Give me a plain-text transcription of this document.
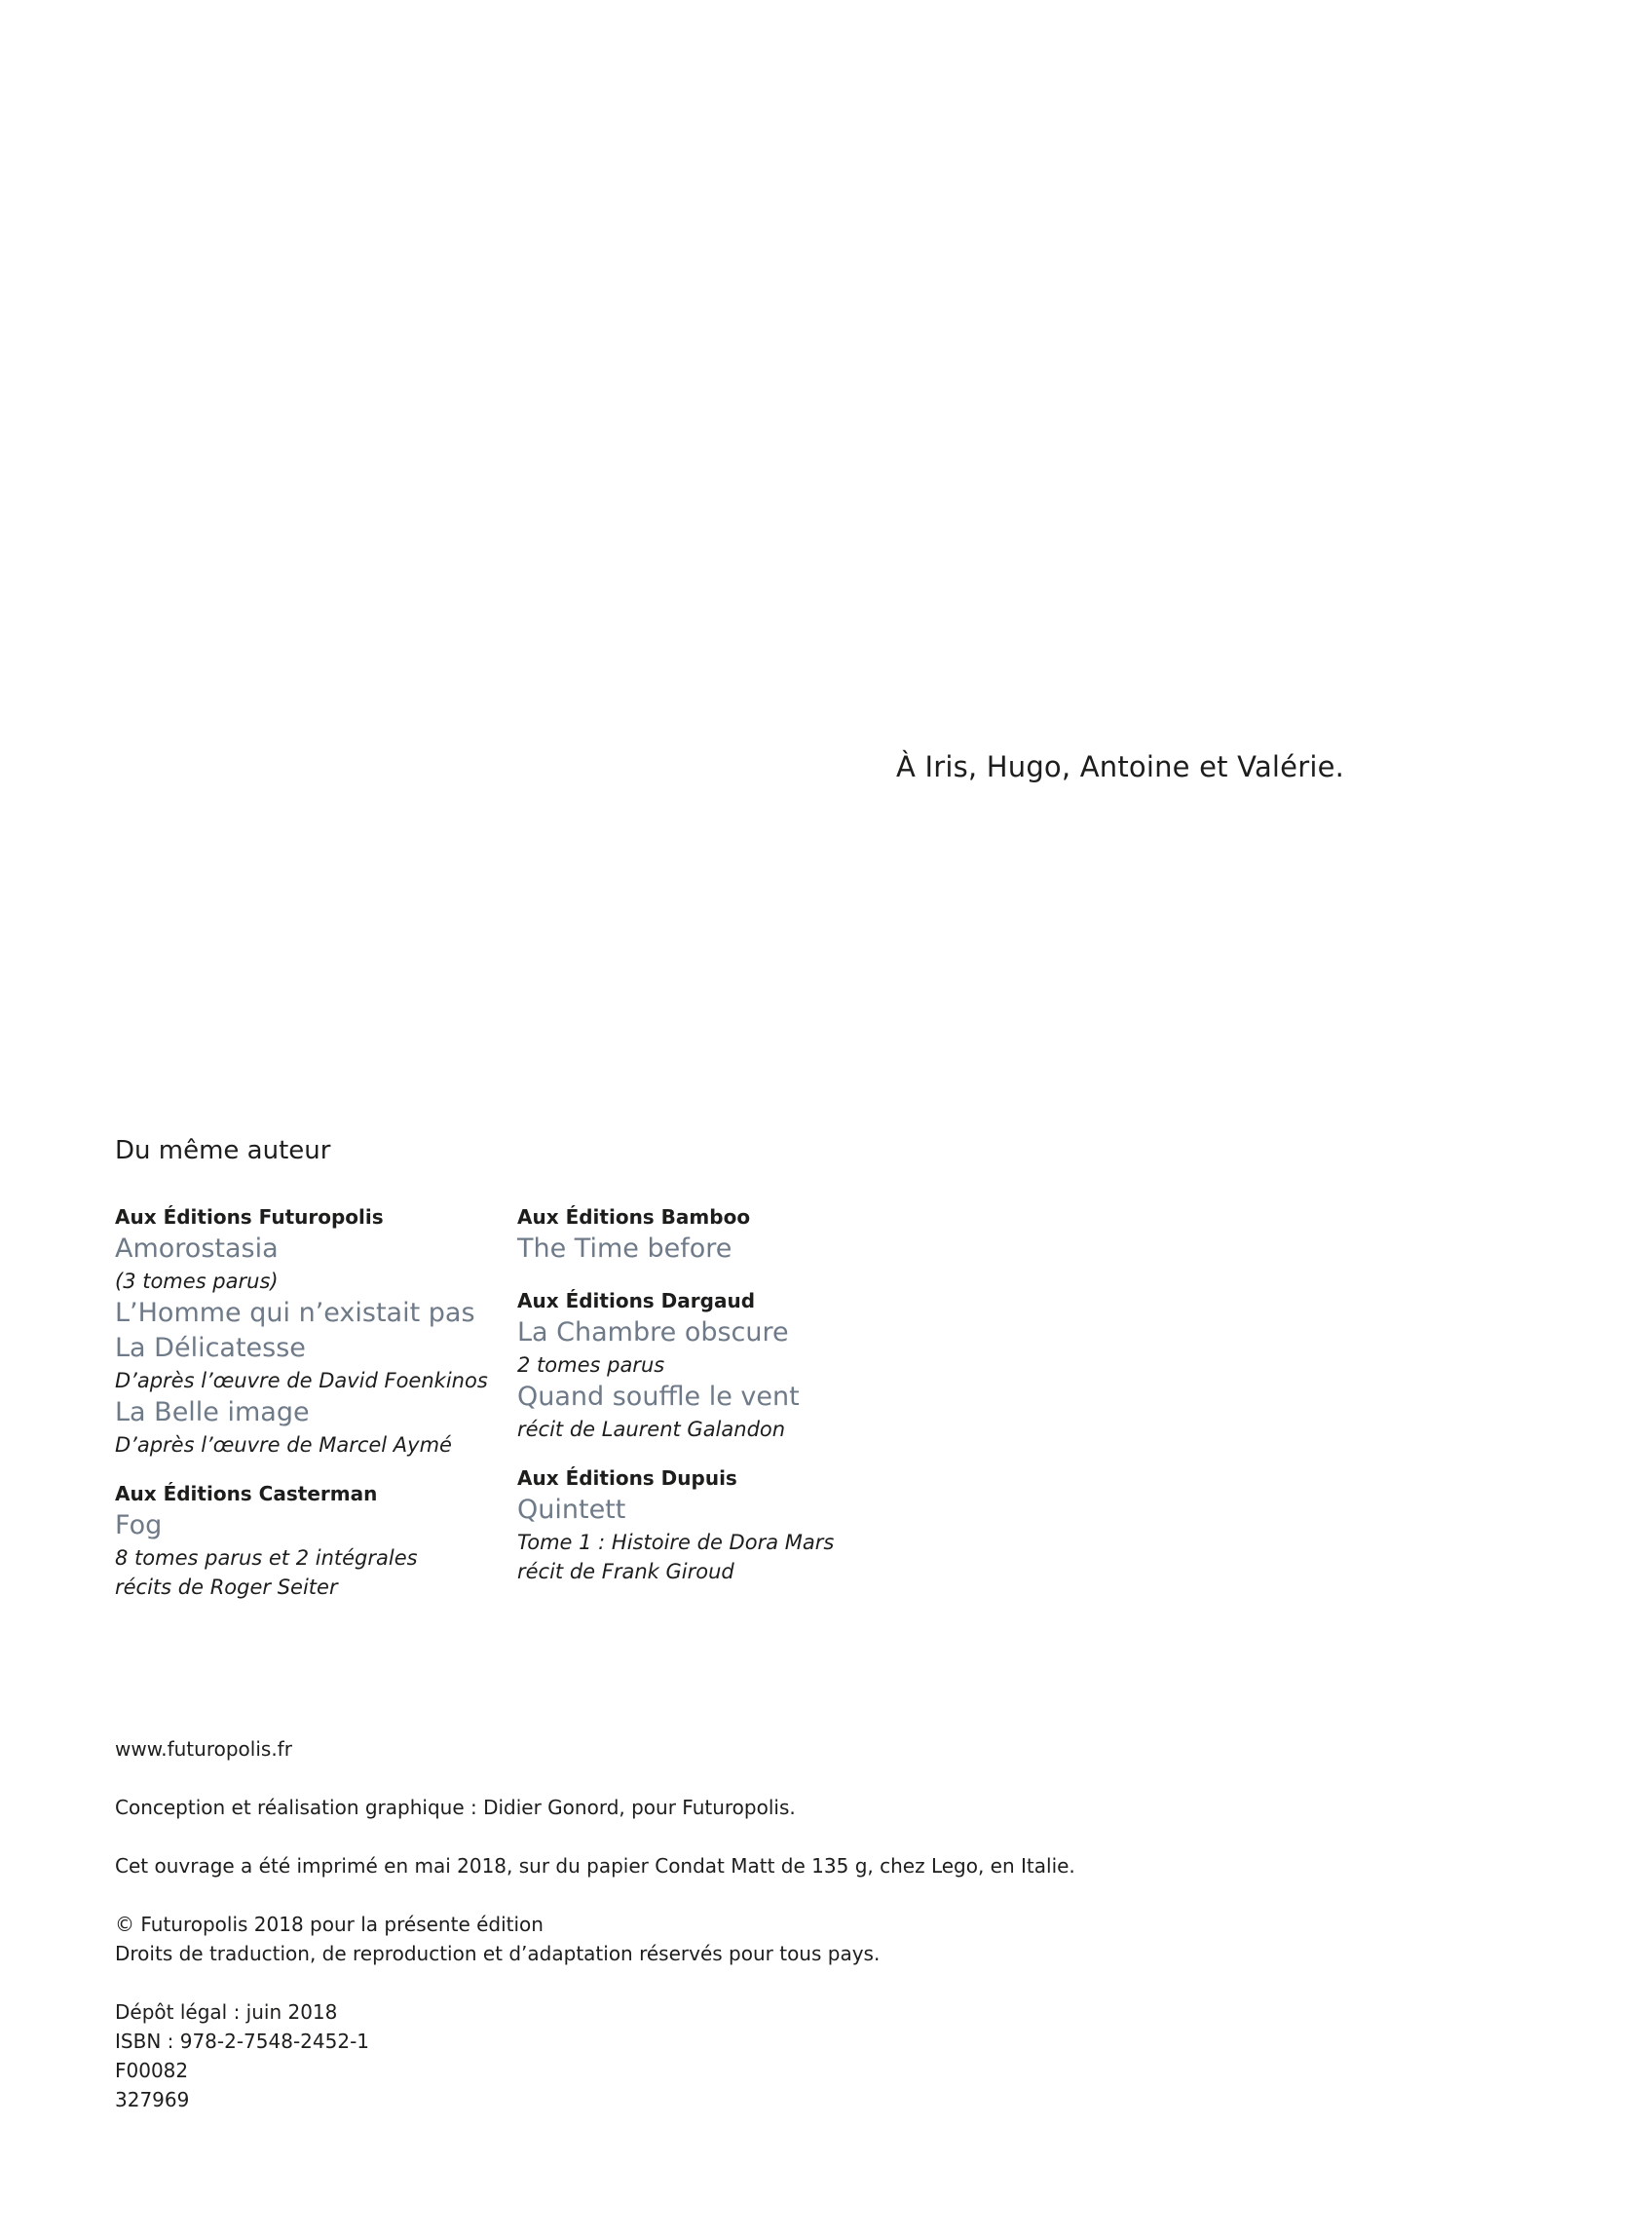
À Iris, Hugo, Antoine et Valérie.
Du même auteur
Aux Éditions Futuropolis
Amorostasia
(3 tomes parus)
L’Homme qui n’existait pas
La Délicatesse
D’après l’œuvre de David Foenkinos
La Belle image
D’après l’œuvre de Marcel Aymé
Aux Éditions Casterman
Fog
8 tomes parus et 2 intégrales
récits de Roger Seiter
Aux Éditions Bamboo
The Time before
Aux Éditions Dargaud
La Chambre obscure
2 tomes parus
Quand souffle le vent
récit de Laurent Galandon
Aux Éditions Dupuis
Quintett
Tome 1 : Histoire de Dora Mars
récit de Frank Giroud

www.futuropolis.fr

Conception et réalisation graphique : Didier Gonord, pour Futuropolis.

Cet ouvrage a été imprimé en mai 2018, sur du papier Condat Matt de 135 g, chez Lego, en Italie.

© Futuropolis 2018 pour la présente édition
Droits de traduction, de reproduction et d’adaptation réservés pour tous pays.

Dépôt légal : juin 2018
ISBN : 978-2-7548-2452-1
F00082
327969
